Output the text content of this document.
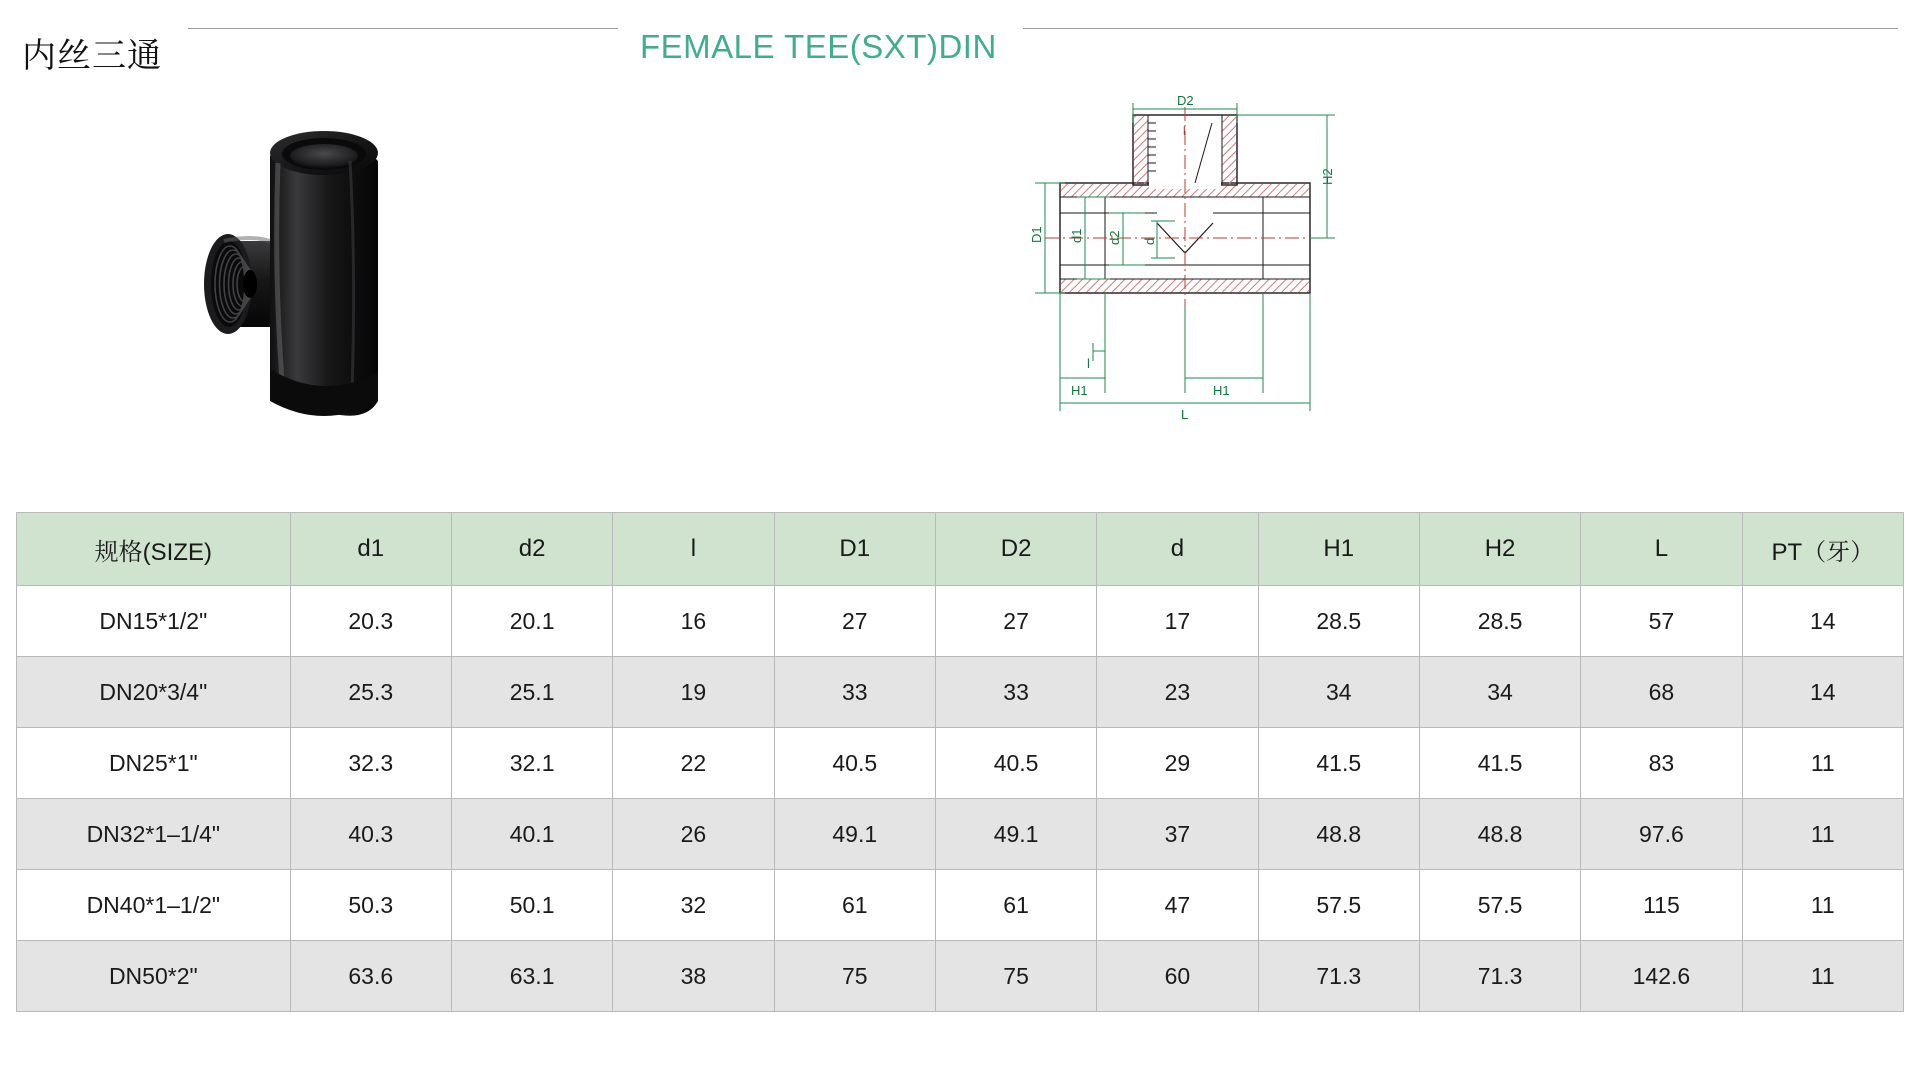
内丝三通	FEMALE TEE(SXT)DIN
D2
H2
D1 d1 d2 d
l
l
H1	H1
L
规格(SIZE)	d1	d2	l	D1	D2	d	H1	H2	L	PT（牙）
DN15*1/2"	20.3	20.1	16	27	27	17	28.5	28.5	57	14
DN20*3/4"	25.3	25.1	19	33	33	23	34	34	68	14
DN25*1"	32.3	32.1	22	40.5	40.5	29	41.5	41.5	83	11
DN32*1–1/4"	40.3	40.1	26	49.1	49.1	37	48.8	48.8	97.6	11
DN40*1–1/2"	50.3	50.1	32	61	61	47	57.5	57.5	115	11
DN50*2"	63.6	63.1	38	75	75	60	71.3	71.3	142.6	11
